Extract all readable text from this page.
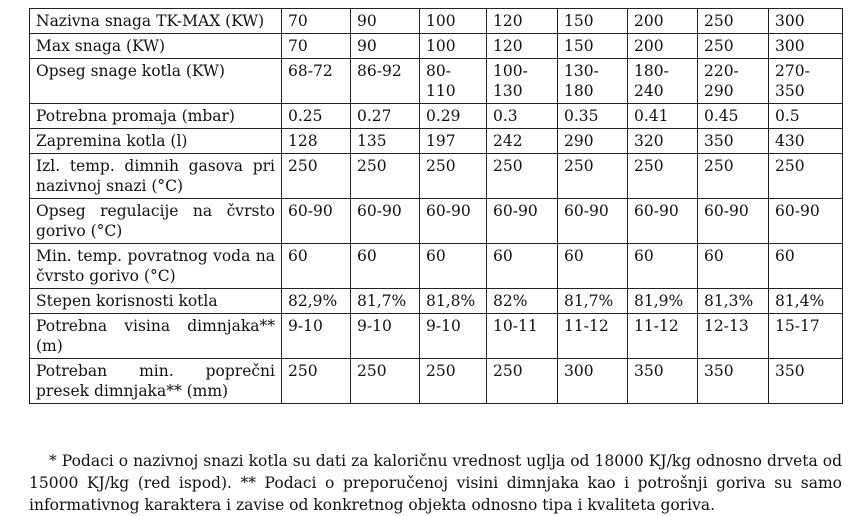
Nazivna snaga TK-MAX (KW)	70	90	100	120	150	200	250	300
Max snaga (KW)	70	90	100	120	150	200	250	300
Opseg snage kotla (KW)	68-72	86-92	80-110	100-130	130-180	180-240	220-290	270-350
Potrebna promaja (mbar)	0.25	0.27	0.29	0.3	0.35	0.41	0.45	0.5
Zapremina kotla (l)	128	135	197	242	290	320	350	430
Izl. temp. dimnih gasova pri nazivnoj snazi (°C)	250	250	250	250	250	250	250	250
Opseg regulacije na čvrsto gorivo (°C)	60-90	60-90	60-90	60-90	60-90	60-90	60-90	60-90
Min. temp. povratnog voda na čvrsto gorivo (°C)	60	60	60	60	60	60	60	60
Stepen korisnosti kotla	82,9%	81,7%	81,8%	82%	81,7%	81,9%	81,3%	81,4%
Potrebna visina dimnjaka** (m)	9-10	9-10	9-10	10-11	11-12	11-12	12-13	15-17
Potreban min. poprečni presek dimnjaka** (mm)	250	250	250	250	300	350	350	350

* Podaci o nazivnoj snazi kotla su dati za kaloričnu vrednost uglja od 18000 KJ/kg odnosno drveta od 15000 KJ/kg (red ispod). ** Podaci o preporučenoj visini dimnjaka kao i potrošnji goriva su samo informativnog karaktera i zavise od konkretnog objekta odnosno tipa i kvaliteta goriva.
